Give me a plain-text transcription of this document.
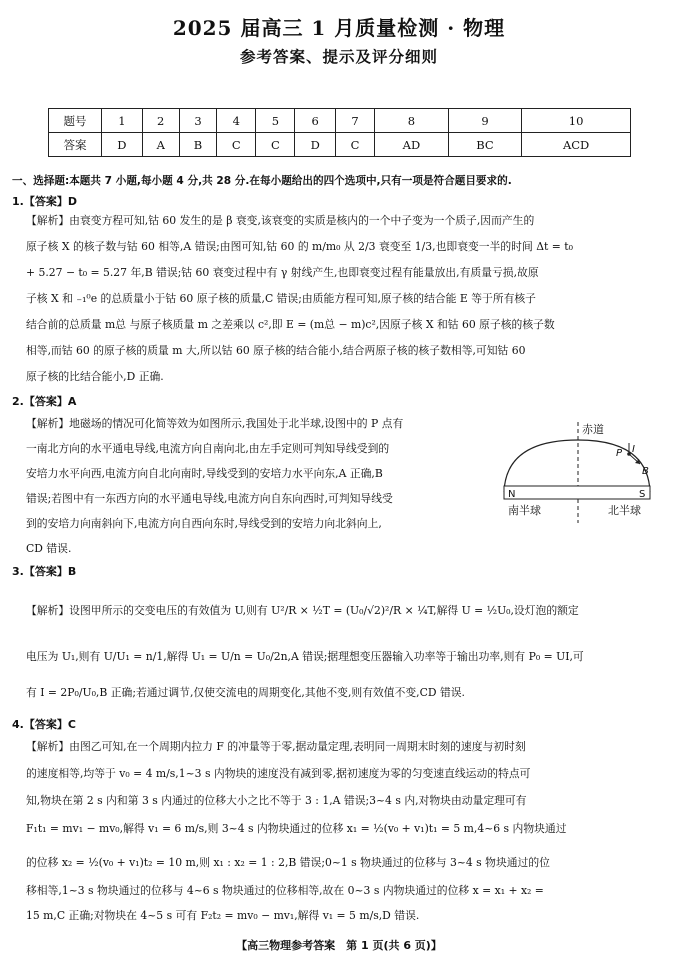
2025 届高三 1 月质量检测 · 物理
参考答案、提示及评分细则
题号	1	2	3	4	5	6	7	8	9	10
答案	D	A	B	C	C	D	C	AD	BC	ACD
一、选择题:本题共 7 小题,每小题 4 分,共 28 分.在每小题给出的四个选项中,只有一项是符合题目要求的.
1.【答案】D
【解析】由衰变方程可知,钴 60 发生的是 β 衰变,该衰变的实质是核内的一个中子变为一个质子,因而产生的
原子核 X 的核子数与钴 60 相等,A 错误;由图可知,钴 60 的 m/m₀ 从 2/3 衰变至 1/3,也即衰变一半的时间 Δt = t₀
+ 5.27 − t₀ = 5.27 年,B 错误;钴 60 衰变过程中有 γ 射线产生,也即衰变过程有能量放出,有质量亏损,故原
子核 X 和 ₋₁⁰e 的总质量小于钴 60 原子核的质量,C 错误;由质能方程可知,原子核的结合能 E 等于所有核子
结合前的总质量 m总 与原子核质量 m 之差乘以 c²,即 E = (m总 − m)c²,因原子核 X 和钴 60 原子核的核子数
相等,而钴 60 的原子核的质量 m 大,所以钴 60 原子核的结合能小,结合两原子核的核子数相等,可知钴 60
原子核的比结合能小,D 正确.
2.【答案】A
【解析】地磁场的情况可化简等效为如图所示,我国处于北半球,设图中的 P 点有
一南北方向的水平通电导线,电流方向自南向北,由左手定则可判知导线受到的
安培力水平向西,电流方向自北向南时,导线受到的安培力水平向东,A 正确,B
错误;若图中有一东西方向的水平通电导线,电流方向自东向西时,可判知导线受
到的安培力向南斜向下,电流方向自西向东时,导线受到的安培力向北斜向上,
CD 错误.
赤道
N	S
P
B
I
南半球	北半球
3.【答案】B
【解析】设图甲所示的交变电压的有效值为 U,则有 U²/R × ½T = (U₀/√2)²/R × ¼T,解得 U = ½U₀,设灯泡的额定
电压为 U₁,则有 U/U₁ = n/1,解得 U₁ = U/n = U₀/2n,A 错误;据理想变压器输入功率等于输出功率,则有 P₀ = UI,可
有 I = 2P₀/U₀,B 正确;若通过调节,仅使交流电的周期变化,其他不变,则有效值不变,CD 错误.
4.【答案】C
【解析】由图乙可知,在一个周期内拉力 F 的冲量等于零,据动量定理,表明同一周期末时刻的速度与初时刻
的速度相等,均等于 v₀ = 4 m/s,1~3 s 内物块的速度没有减到零,据初速度为零的匀变速直线运动的特点可
知,物块在第 2 s 内和第 3 s 内通过的位移大小之比不等于 3 : 1,A 错误;3~4 s 内,对物块由动量定理可有
F₁t₁ = mv₁ − mv₀,解得 v₁ = 6 m/s,则 3~4 s 内物块通过的位移 x₁ = ½(v₀ + v₁)t₁ = 5 m,4~6 s 内物块通过
的位移 x₂ = ½(v₀ + v₁)t₂ = 10 m,则 x₁ : x₂ = 1 : 2,B 错误;0~1 s 物块通过的位移与 3~4 s 物块通过的位
移相等,1~3 s 物块通过的位移与 4~6 s 物块通过的位移相等,故在 0~3 s 内物块通过的位移 x = x₁ + x₂ =
15 m,C 正确;对物块在 4~5 s 可有 F₂t₂ = mv₀ − mv₁,解得 v₁ = 5 m/s,D 错误.
【高三物理参考答案　第 1 页(共 6 页)】
